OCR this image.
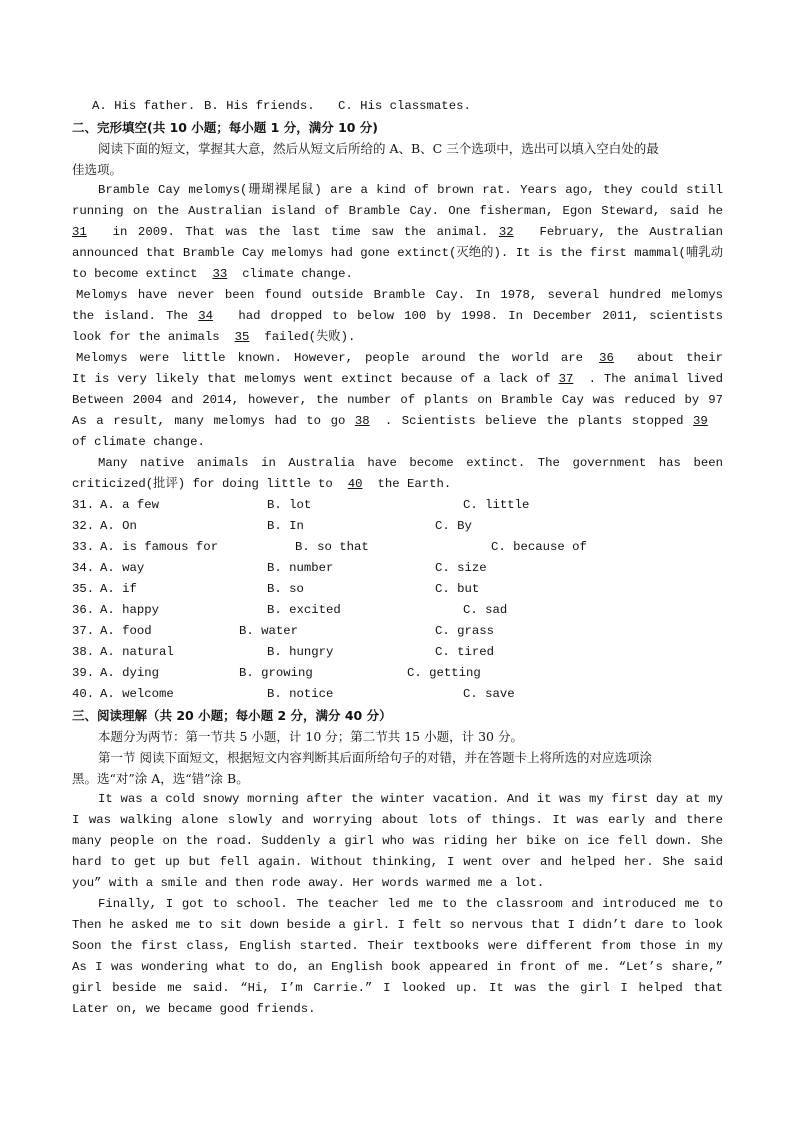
A. His father.

B. His friends.

C. His classmates.

二、完形填空(共 10 小题；每小题 1 分，满分 10 分)
阅读下面的短文，掌握其大意，然后从短文后所给的 A、B、C 三个选项中，选出可以填入空白处的最
佳选项。
Bramble Cay melomys(珊瑚裸尾鼠) are a kind of brown rat. Years ago, they could still
running on the Australian island of Bramble Cay. One fisherman, Egon Steward, said he
31 in 2009. That was the last time saw the animal. 32 February, the Australian
announced that Bramble Cay melomys had gone extinct(灭绝的). It is the first mammal(哺乳动
to become extinct 33 climate change.
Melomys have never been found outside Bramble Cay. In 1978, several hundred melomys
the island. The 34 had dropped to below 100 by 1998. In December 2011, scientists
look for the animals 35 failed(失败).
Melomys were little known. However, people around the world are 36 about their
It is very likely that melomys went extinct because of a lack of 37 . The animal lived
Between 2004 and 2014, however, the number of plants on Bramble Cay was reduced by 97
As a result, many melomys had to go 38 . Scientists believe the plants stopped 39
of climate change.
Many native animals in Australia have become extinct. The government has been
criticized(批评) for doing little to 40 the Earth.
31. A. a few	B. lot	C. little
32. A. On	B. In	C. By
33. A. is famous for	B. so that	C. because of
34. A. way	B. number	C. size
35. A. if	B. so	C. but
36. A. happy	B. excited	C. sad
37. A. food	B. water	C. grass
38. A. natural	B. hungry	C. tired
39. A. dying	B. growing	C. getting
40. A. welcome	B. notice	C. save
三、阅读理解（共 20 小题；每小题 2 分，满分 40 分）
本题分为两节：第一节共 5 小题，计 10 分；第二节共 15 小题，计 30 分。
第一节 阅读下面短文，根据短文内容判断其后面所给句子的对错，并在答题卡上将所选的对应选项涂
黑。选“对”涂 A，选“错”涂 B。
It was a cold snowy morning after the winter vacation. And it was my first day at my
I was walking alone slowly and worrying about lots of things. It was early and there
many people on the road. Suddenly a girl who was riding her bike on ice fell down. She
hard to get up but fell again. Without thinking, I went over and helped her. She said
you” with a smile and then rode away. Her words warmed me a lot.
Finally, I got to school. The teacher led me to the classroom and introduced me to
Then he asked me to sit down beside a girl. I felt so nervous that I didn’t dare to look
Soon the first class, English started. Their textbooks were different from those in my
As I was wondering what to do, an English book appeared in front of me. “Let’s share,”
girl beside me said. “Hi, I’m Carrie.” I looked up. It was the girl I helped that
Later on, we became good friends.
